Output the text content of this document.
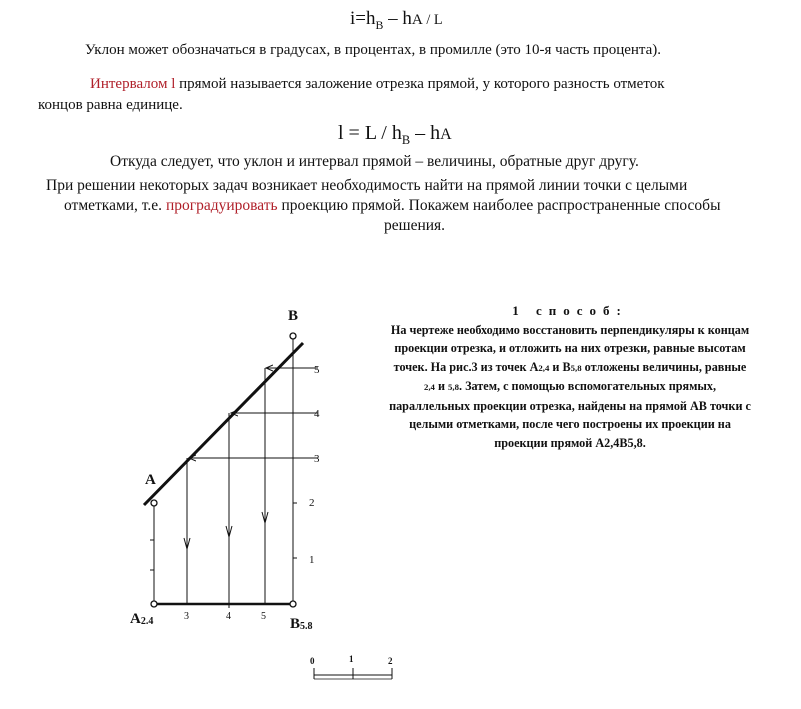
$i=h_B$ – hA / L
Уклон может обозначаться в градусах, в процентах, в промилле (это 10-я часть процента).
Интервалом l прямой называется заложение отрезка прямой, у которого разность отметок
концов равна единице.
$l = L / h_B$ – hA
Откуда следует, что уклон и интервал прямой – величины, обратные друг другу.
При решении некоторых задач возникает необходимость найти на прямой линии точки с целыми
отметками, т.е. проградуировать проекцию прямой. Покажем наиболее распространенные способы
решения.
1 способ:
На чертеже необходимо восстановить перпендикуляры к концам
проекции отрезка, и отложить на них отрезки, равные высотам
точек. На рис.3 из точек А2,4 и В5,8 отложены величины, равные
2,4 и 5,8. Затем, с помощью вспомогательных прямых,
параллельных проекции отрезка, найдены на прямой АВ точки с
целыми отметками, после чего построены их проекции на
проекции прямой А2,4В5,8.
B
A
A2.4	B5.8
5
4
3
2
1
3	4	5
0	1	2
